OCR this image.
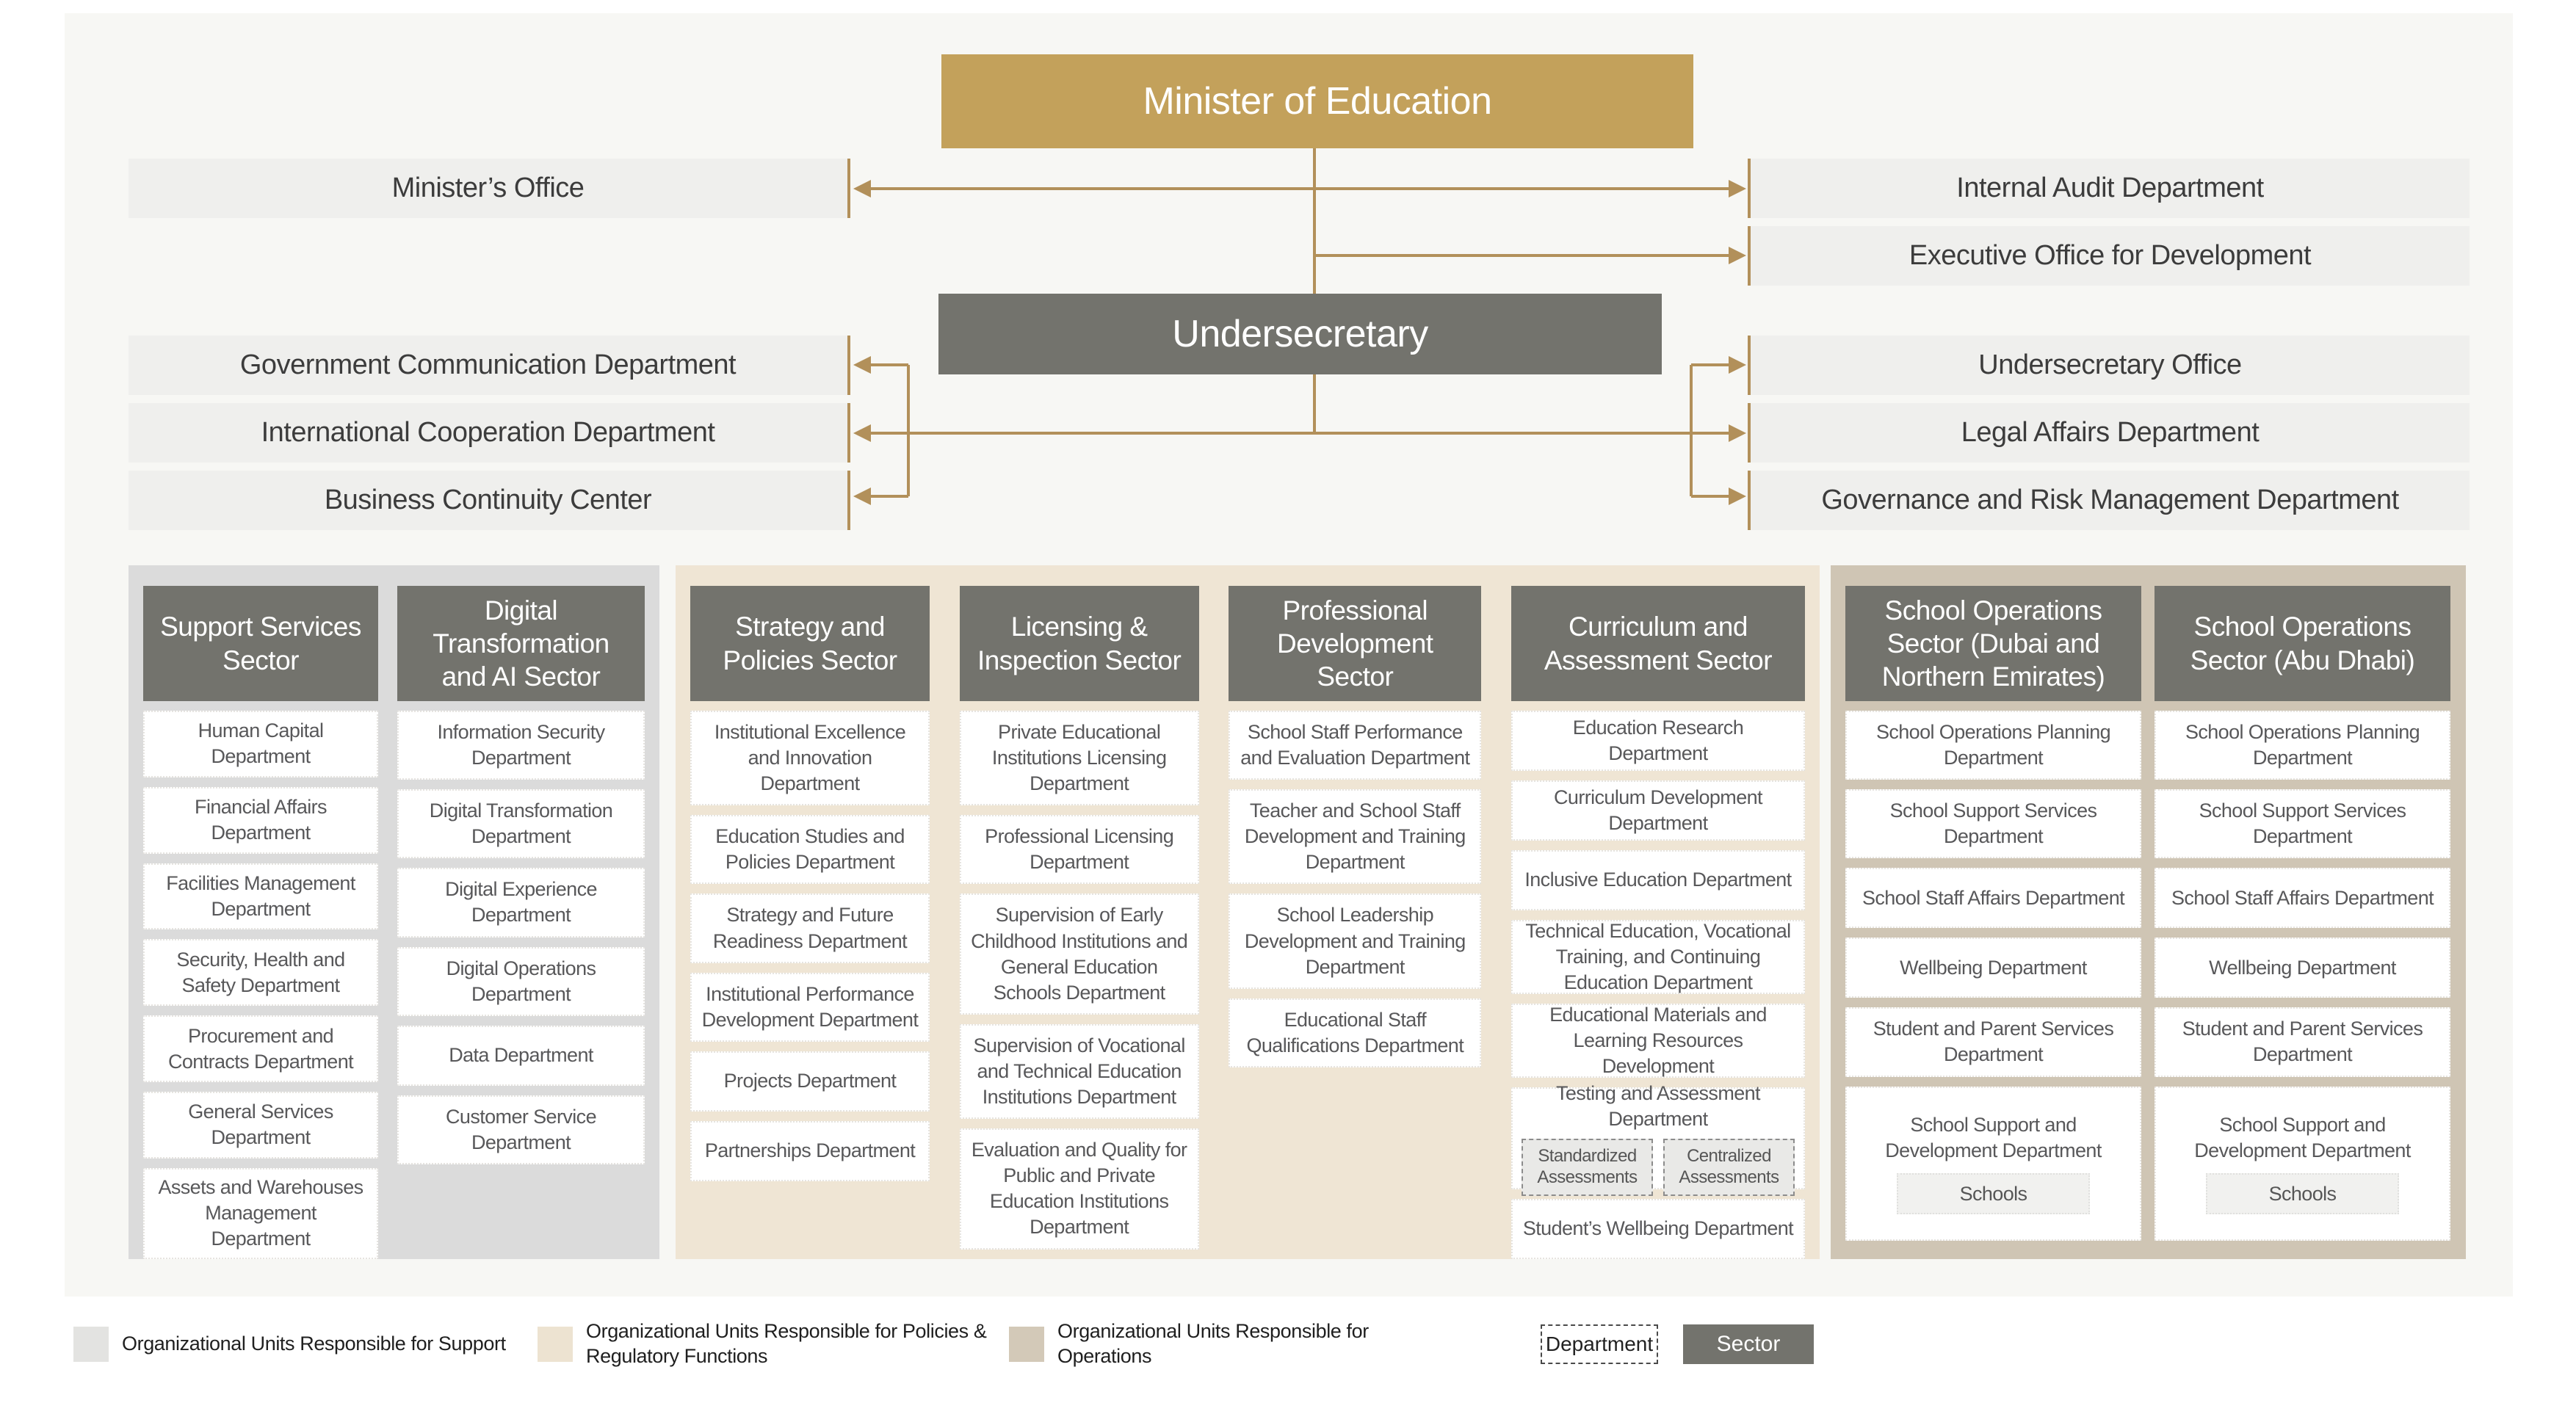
Minister of Education
Undersecretary
Minister’s Office	Internal Audit Department
Executive Office for Development
Government Communication Department
International Cooperation Department
Business Continuity Center
Undersecretary Office
Legal Affairs Department
Governance and Risk Management Department
Support Services Sector
Human Capital Department
Financial Affairs Department
Facilities Management Department
Security, Health and Safety Department
Procurement and Contracts Department
General Services Department
Assets and Warehouses Management Department
Digital Transformation and AI Sector
Information Security Department
Digital Transformation Department
Digital Experience Department
Digital Operations Department
Data Department
Customer Service Department
Strategy and Policies Sector
Institutional Excellence and Innovation Department
Education Studies and Policies Department
Strategy and Future Readiness Department
Institutional Performance Development Department
Projects Department
Partnerships Department
Licensing & Inspection Sector
Private Educational Institutions Licensing Department
Professional Licensing Department
Supervision of Early Childhood Institutions and General Education Schools Department
Supervision of Vocational and Technical Education Institutions Department
Evaluation and Quality for Public and Private Education Institutions Department
Professional Development Sector
School Staff Performance and Evaluation Department
Teacher and School Staff Development and Training Department
School Leadership Development and Training Department
Educational Staff Qualifications Department
Curriculum and Assessment Sector
Education Research Department
Curriculum Development Department
Inclusive Education Department
Technical Education, Vocational Training, and Continuing Education Department
Educational Materials and Learning Resources Development
Testing and Assessment Department
Standardized Assessments
Centralized Assessments
Student’s Wellbeing Department
School Operations Sector (Dubai and Northern Emirates)
School Operations Planning Department
School Support Services Department
School Staff Affairs Department
Wellbeing Department
Student and Parent Services Department
School Support and Development Department
Schools
School Operations Sector (Abu Dhabi)
School Operations Planning Department
School Support Services Department
School Staff Affairs Department
Wellbeing Department
Student and Parent Services Department
School Support and Development Department
Schools
Organizational Units Responsible for Support
Organizational Units Responsible for Policies & Regulatory Functions
Organizational Units Responsible for Operations
Department	Sector
